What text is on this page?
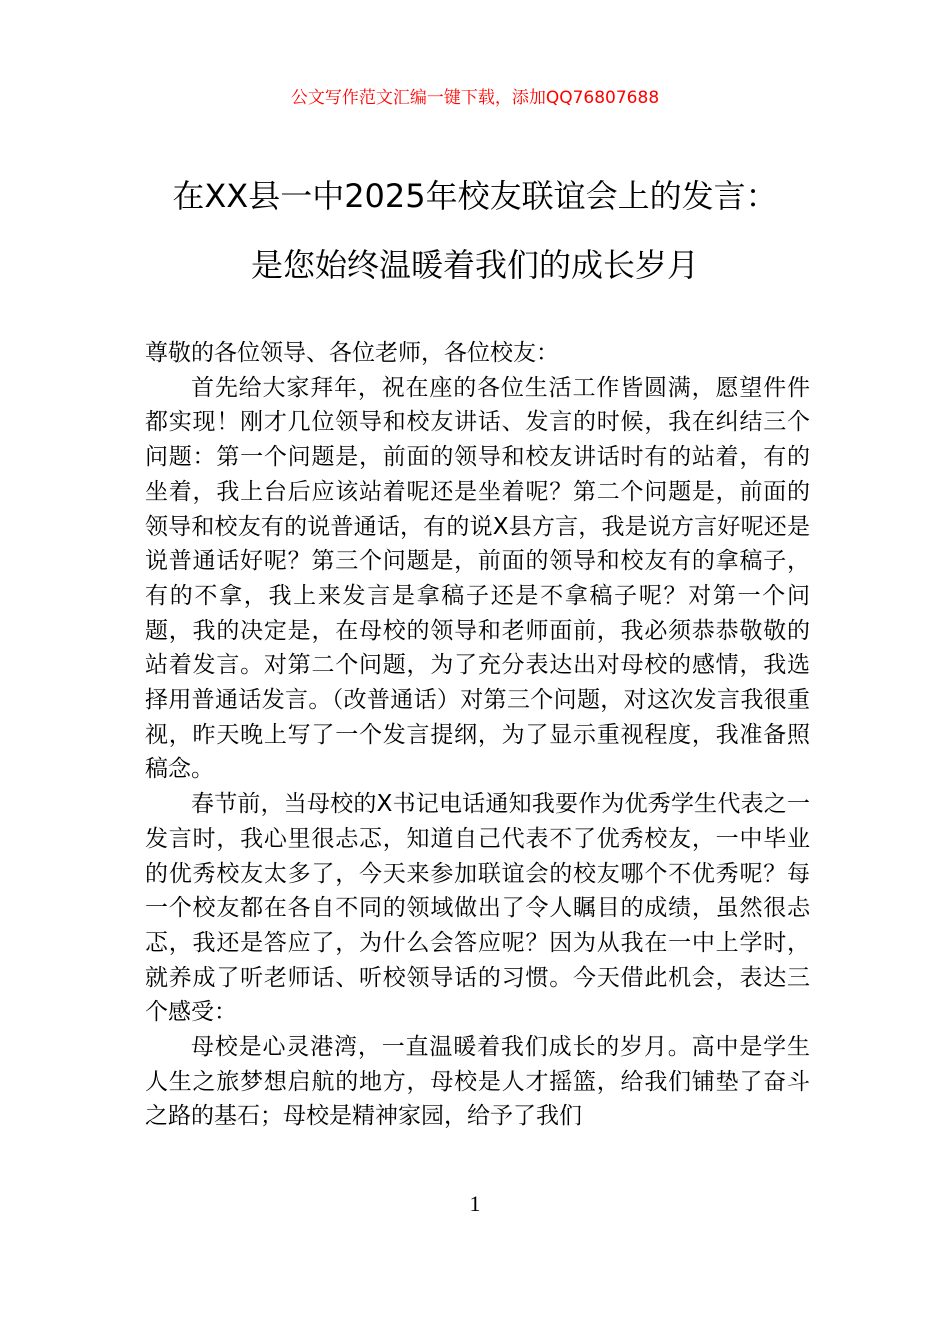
公文写作范文汇编一键下载，添加QQ76807688
在XX县一中2025年校友联谊会上的发言：
是您始终温暖着我们的成长岁月

尊敬的各位领导、各位老师，各位校友：

首先给大家拜年，祝在座的各位生活工作皆圆满，愿望件件都实现！刚才几位领导和校友讲话、发言的时候，我在纠结三个问题：第一个问题是，前面的领导和校友讲话时有的站着，有的坐着，我上台后应该站着呢还是坐着呢？第二个问题是，前面的领导和校友有的说普通话，有的说X县方言，我是说方言好呢还是说普通话好呢？第三个问题是，前面的领导和校友有的拿稿子，有的不拿，我上来发言是拿稿子还是不拿稿子呢？对第一个问题，我的决定是，在母校的领导和老师面前，我必须恭恭敬敬的站着发言。对第二个问题，为了充分表达出对母校的感情，我选择用普通话发言。（改普通话）对第三个问题，对这次发言我很重视，昨天晚上写了一个发言提纲，为了显示重视程度，我准备照稿念。

春节前，当母校的X书记电话通知我要作为优秀学生代表之一发言时，我心里很忐忑，知道自己代表不了优秀校友，一中毕业的优秀校友太多了，今天来参加联谊会的校友哪个不优秀呢？每一个校友都在各自不同的领域做出了令人瞩目的成绩，虽然很忐忑，我还是答应了，为什么会答应呢？因为从我在一中上学时，就养成了听老师话、听校领导话的习惯。今天借此机会，表达三个感受：

母校是心灵港湾，一直温暖着我们成长的岁月。高中是学生人生之旅梦想启航的地方，母校是人才摇篮，给我们铺垫了奋斗之路的基石；母校是精神家园，给予了我们

1
